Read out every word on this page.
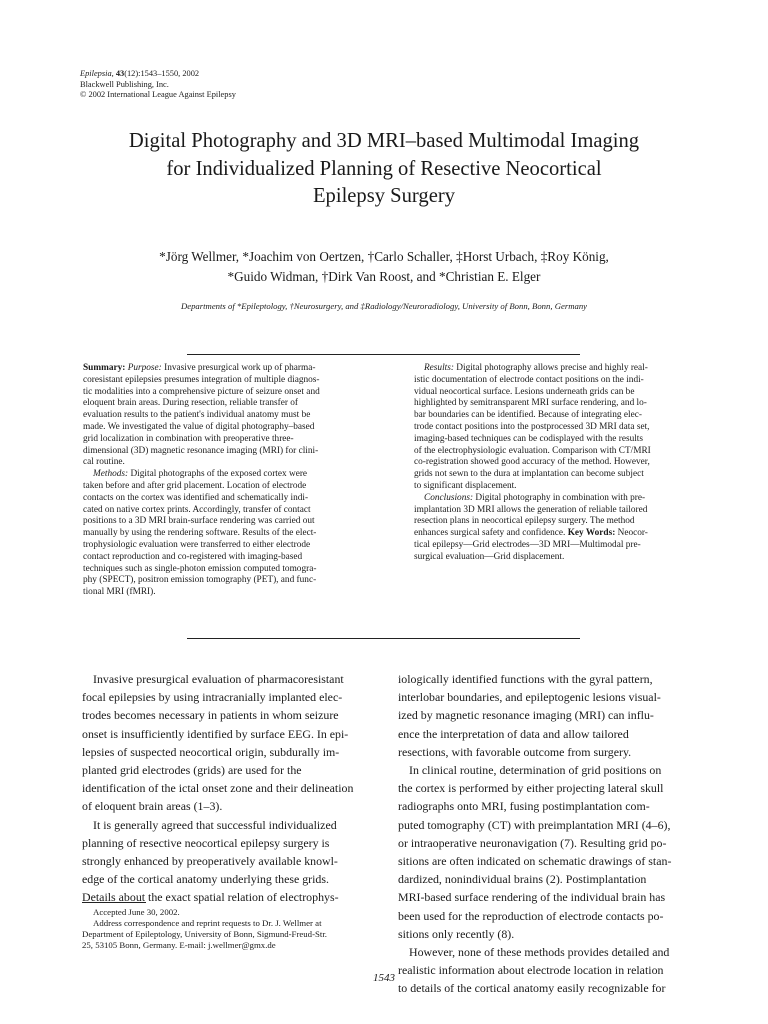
Epilepsia, 43(12):1543–1550, 2002
Blackwell Publishing, Inc.
© 2002 International League Against Epilepsy
Digital Photography and 3D MRI–based Multimodal Imaging
for Individualized Planning of Resective Neocortical
Epilepsy Surgery
*Jörg Wellmer, *Joachim von Oertzen, †Carlo Schaller, ‡Horst Urbach, ‡Roy König,
*Guido Widman, †Dirk Van Roost, and *Christian E. Elger
Departments of *Epileptology, †Neurosurgery, and ‡Radiology/Neuroradiology, University of Bonn, Bonn, Germany
Summary: Purpose: Invasive presurgical work up of pharma-
coresistant epilepsies presumes integration of multiple diagnos-
tic modalities into a comprehensive picture of seizure onset and
eloquent brain areas. During resection, reliable transfer of
evaluation results to the patient's individual anatomy must be
made. We investigated the value of digital photography–based
grid localization in combination with preoperative three-
dimensional (3D) magnetic resonance imaging (MRI) for clini-
cal routine.
Methods: Digital photographs of the exposed cortex were
taken before and after grid placement. Location of electrode
contacts on the cortex was identified and schematically indi-
cated on native cortex prints. Accordingly, transfer of contact
positions to a 3D MRI brain-surface rendering was carried out
manually by using the rendering software. Results of the elect-
trophysiologic evaluation were transferred to either electrode
contact reproduction and co-registered with imaging-based
techniques such as single-photon emission computed tomogra-
phy (SPECT), positron emission tomography (PET), and func-
tional MRI (fMRI).
Results: Digital photography allows precise and highly real-
istic documentation of electrode contact positions on the indi-
vidual neocortical surface. Lesions underneath grids can be
highlighted by semitransparent MRI surface rendering, and lo-
bar boundaries can be identified. Because of integrating elec-
trode contact positions into the postprocessed 3D MRI data set,
imaging-based techniques can be codisplayed with the results
of the electrophysiologic evaluation. Comparison with CT/MRI
co-registration showed good accuracy of the method. However,
grids not sewn to the dura at implantation can become subject
to significant displacement.
Conclusions: Digital photography in combination with pre-
implantation 3D MRI allows the generation of reliable tailored
resection plans in neocortical epilepsy surgery. The method
enhances surgical safety and confidence. Key Words: Neocor-
tical epilepsy—Grid electrodes—3D MRI—Multimodal pre-
surgical evaluation—Grid displacement.
Invasive presurgical evaluation of pharmacoresistant
focal epilepsies by using intracranially implanted elec-
trodes becomes necessary in patients in whom seizure
onset is insufficiently identified by surface EEG. In epi-
lepsies of suspected neocortical origin, subdurally im-
planted grid electrodes (grids) are used for the
identification of the ictal onset zone and their delineation
of eloquent brain areas (1–3).
It is generally agreed that successful individualized
planning of resective neocortical epilepsy surgery is
strongly enhanced by preoperatively available knowl-
edge of the cortical anatomy underlying these grids.
Details about the exact spatial relation of electrophys-
iologically identified functions with the gyral pattern,
interlobar boundaries, and epileptogenic lesions visual-
ized by magnetic resonance imaging (MRI) can influ-
ence the interpretation of data and allow tailored
resections, with favorable outcome from surgery.
In clinical routine, determination of grid positions on
the cortex is performed by either projecting lateral skull
radiographs onto MRI, fusing postimplantation com-
puted tomography (CT) with preimplantation MRI (4–6),
or intraoperative neuronavigation (7). Resulting grid po-
sitions are often indicated on schematic drawings of stan-
dardized, nonindividual brains (2). Postimplantation
MRI-based surface rendering of the individual brain has
been used for the reproduction of electrode contacts po-
sitions only recently (8).
However, none of these methods provides detailed and
realistic information about electrode location in relation
to details of the cortical anatomy easily recognizable for
Accepted June 30, 2002.
Address correspondence and reprint requests to Dr. J. Wellmer at
Department of Epileptology, University of Bonn, Sigmund-Freud-Str.
25, 53105 Bonn, Germany. E-mail: j.wellmer@gmx.de
1543
